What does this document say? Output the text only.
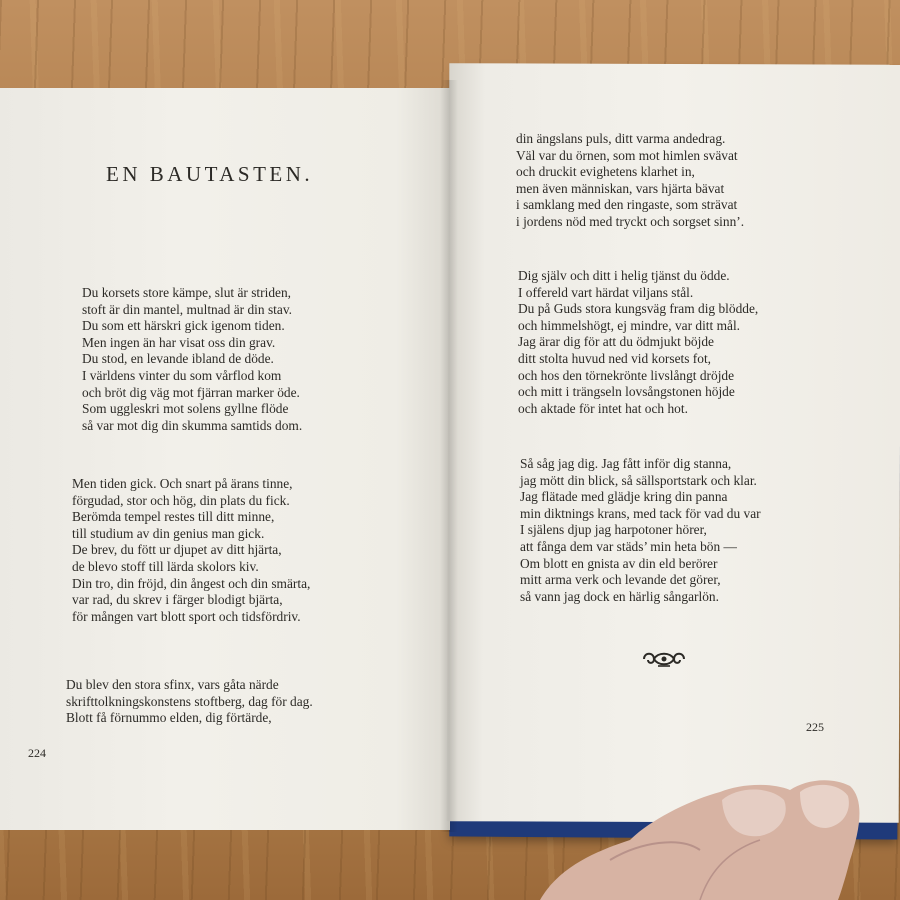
EN BAUTASTEN.
Du korsets store kämpe, slut är striden,
stoft är din mantel, multnad är din stav.
Du som ett härskri gick igenom tiden.
Men ingen än har visat oss din grav.
Du stod, en levande ibland de döde.
I världens vinter du som vårflod kom
och bröt dig väg mot fjärran marker öde.
Som uggleskri mot solens gyllne flöde
så var mot dig din skumma samtids dom.
Men tiden gick. Och snart på ärans tinne,
förgudad, stor och hög, din plats du fick.
Berömda tempel restes till ditt minne,
till studium av din genius man gick.
De brev, du fött ur djupet av ditt hjärta,
de blevo stoff till lärda skolors kiv.
Din tro, din fröjd, din ångest och din smärta,
var rad, du skrev i färger blodigt bjärta,
för mången vart blott sport och tidsfördriv.
Du blev den stora sfinx, vars gåta närde
skrifttolkningskonstens stoftberg, dag för dag.
Blott få förnummo elden, dig förtärde,
224
din ängslans puls, ditt varma andedrag.
Väl var du örnen, som mot himlen svävat
och druckit evighetens klarhet in,
men även människan, vars hjärta bävat
i samklang med den ringaste, som strävat
i jordens nöd med tryckt och sorgset sinn’.
Dig själv och ditt i helig tjänst du ödde.
I offereld vart härdat viljans stål.
Du på Guds stora kungsväg fram dig blödde,
och himmelshögt, ej mindre, var ditt mål.
Jag ärar dig för att du ödmjukt böjde
ditt stolta huvud ned vid korsets fot,
och hos den törnekrönte livslångt dröjde
och mitt i trängseln lovsångstonen höjde
och aktade för intet hat och hot.
Så såg jag dig. Jag fått inför dig stanna,
jag mött din blick, så sällsportstark och klar.
Jag flätade med glädje kring din panna
min diktnings krans, med tack för vad du var
I själens djup jag harpotoner hörer,
att fånga dem var städs’ min heta bön —
Om blott en gnista av din eld berörer
mitt arma verk och levande det görer,
så vann jag dock en härlig sångarlön.
225
